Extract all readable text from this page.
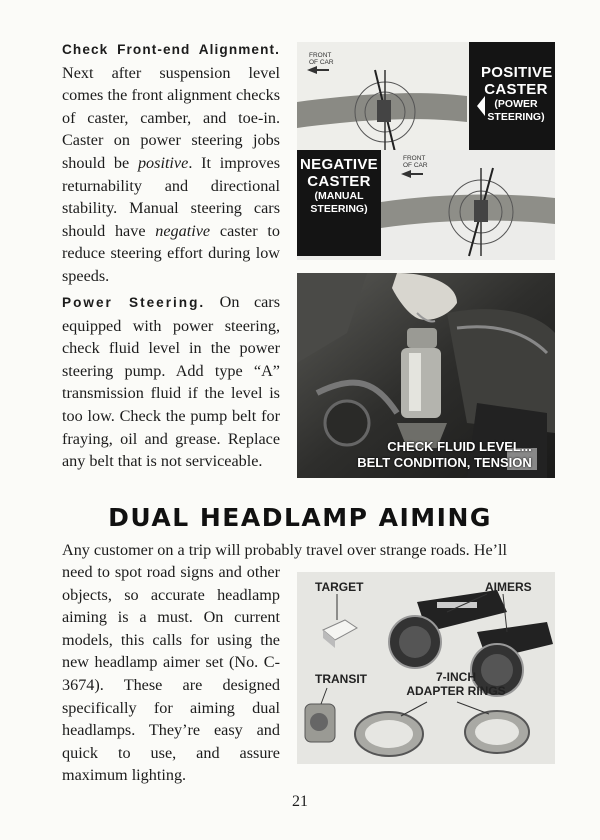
Check Front-end Alignment. Next after suspension level comes the front alignment checks of caster, camber, and toe-in. Caster on power steering jobs should be positive. It improves returnability and directional stability. Manual steering cars should have negative caster to reduce steering effort during low speeds.

FRONT
OF CAR
FRONT
OF CAR
POSITIVE
CASTER
(POWER
STEERING)
NEGATIVE
CASTER
(MANUAL
STEERING)

Power Steering. On cars equipped with power steering, check fluid level in the power steering pump. Add type “A” transmission fluid if the level is too low. Check the pump belt for fraying, oil and grease. Replace any belt that is not serviceable.

CHECK FLUID LEVEL...
BELT CONDITION, TENSION
DUAL HEADLAMP AIMING
Any customer on a trip will probably travel over strange roads. He’ll

need to spot road signs and other objects, so accurate headlamp aiming is a must. On current models, this calls for using the new headlamp aimer set (No. C-3674). These are designed specifically for aiming dual headlamps. They’re easy and quick to use, and assure maximum lighting.

TARGET	AIMERS
TRANSIT	7-INCH
ADAPTER RINGS
21
